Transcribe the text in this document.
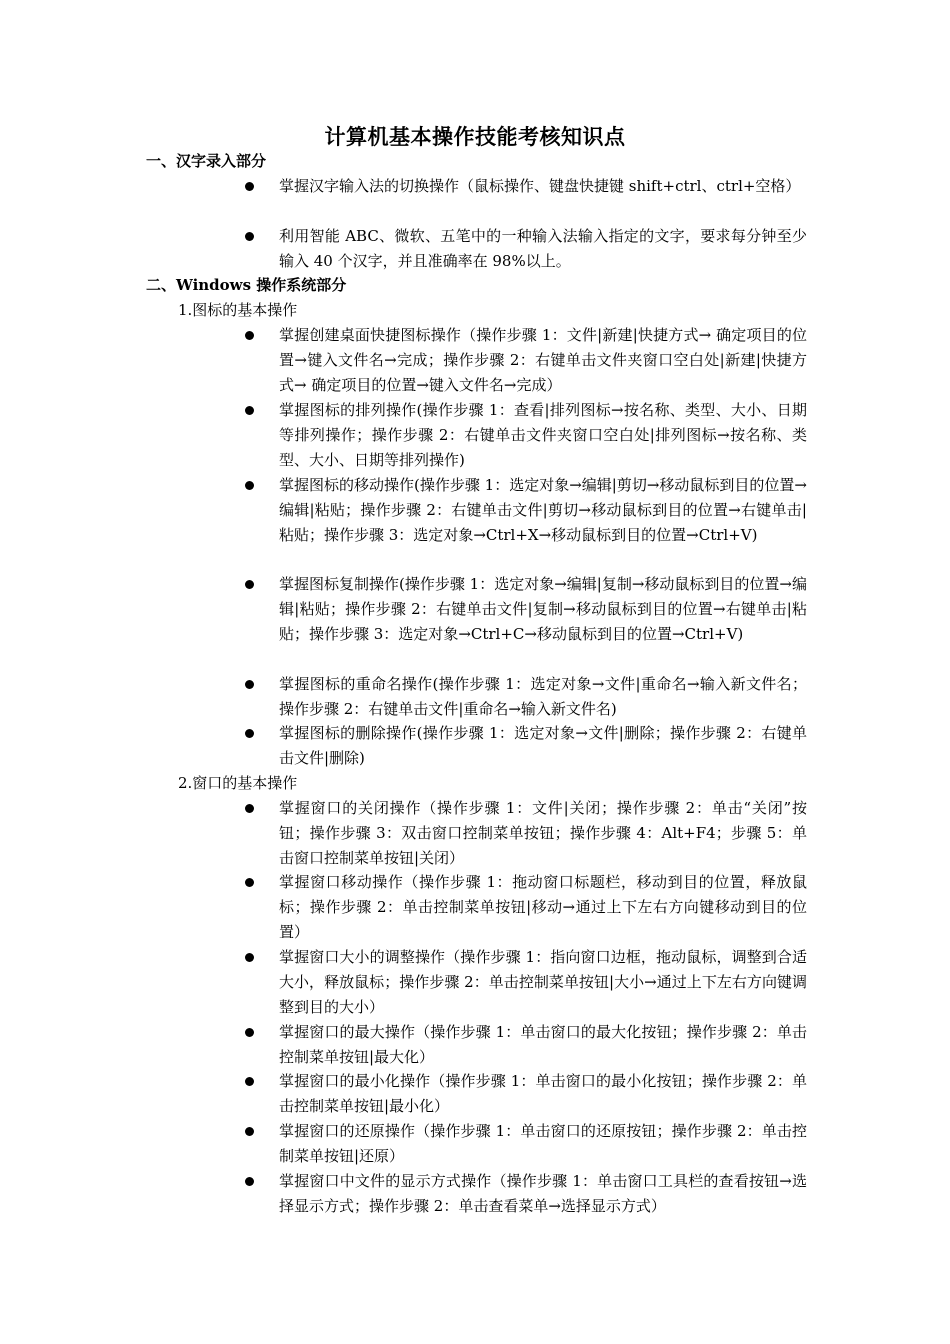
计算机基本操作技能考核知识点
一、汉字录入部分
掌握汉字输入法的切换操作（鼠标操作、键盘快捷键 shift+ctrl、ctrl+空格）
利用智能 ABC、微软、五笔中的一种输入法输入指定的文字，要求每分钟至少输入 40 个汉字，并且准确率在 98%以上。
二、Windows 操作系统部分
1.图标的基本操作
掌握创建桌面快捷图标操作（操作步骤 1：文件|新建|快捷方式→ 确定项目的位置→键入文件名→完成；操作步骤 2：右键单击文件夹窗口空白处|新建|快捷方式→ 确定项目的位置→键入文件名→完成）
掌握图标的排列操作(操作步骤 1：查看|排列图标→按名称、类型、大小、日期等排列操作；操作步骤 2：右键单击文件夹窗口空白处|排列图标→按名称、类型、大小、日期等排列操作)
掌握图标的移动操作(操作步骤 1：选定对象→编辑|剪切→移动鼠标到目的位置→编辑|粘贴；操作步骤 2：右键单击文件|剪切→移动鼠标到目的位置→右键单击|粘贴；操作步骤 3：选定对象→Ctrl+X→移动鼠标到目的位置→Ctrl+V)
掌握图标复制操作(操作步骤 1：选定对象→编辑|复制→移动鼠标到目的位置→编辑|粘贴；操作步骤 2：右键单击文件|复制→移动鼠标到目的位置→右键单击|粘贴；操作步骤 3：选定对象→Ctrl+C→移动鼠标到目的位置→Ctrl+V)
掌握图标的重命名操作(操作步骤 1：选定对象→文件|重命名→输入新文件名；操作步骤 2：右键单击文件|重命名→输入新文件名)
掌握图标的删除操作(操作步骤 1：选定对象→文件|删除；操作步骤 2：右键单击文件|删除)
2.窗口的基本操作
掌握窗口的关闭操作（操作步骤 1：文件|关闭；操作步骤 2：单击“关闭”按钮；操作步骤 3：双击窗口控制菜单按钮；操作步骤 4：Alt+F4；步骤 5：单击窗口控制菜单按钮|关闭）
掌握窗口移动操作（操作步骤 1：拖动窗口标题栏，移动到目的位置，释放鼠标；操作步骤 2：单击控制菜单按钮|移动→通过上下左右方向键移动到目的位置）
掌握窗口大小的调整操作（操作步骤 1：指向窗口边框，拖动鼠标，调整到合适大小，释放鼠标；操作步骤 2：单击控制菜单按钮|大小→通过上下左右方向键调整到目的大小）
掌握窗口的最大操作（操作步骤 1：单击窗口的最大化按钮；操作步骤 2：单击控制菜单按钮|最大化）
掌握窗口的最小化操作（操作步骤 1：单击窗口的最小化按钮；操作步骤 2：单击控制菜单按钮|最小化）
掌握窗口的还原操作（操作步骤 1：单击窗口的还原按钮；操作步骤 2：单击控制菜单按钮|还原）
掌握窗口中文件的显示方式操作（操作步骤 1：单击窗口工具栏的查看按钮→选择显示方式；操作步骤 2：单击查看菜单→选择显示方式）
